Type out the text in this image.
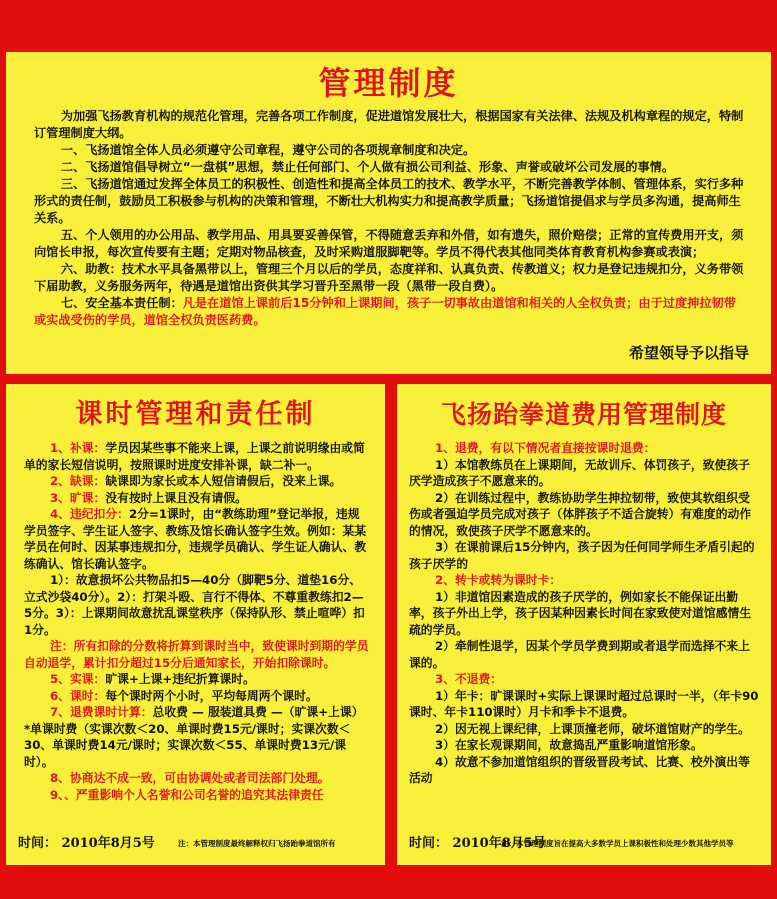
管理制度

为加强飞扬教育机构的规范化管理，完善各项工作制度，促进道馆发展壮大，根据国家有关法律、法规及机构章程的规定，特制订管理制度大纲。

一、飞扬道馆全体人员必须遵守公司章程，遵守公司的各项规章制度和决定。

二、飞扬道馆倡导树立“一盘棋”思想，禁止任何部门、个人做有损公司利益、形象、声誉或破坏公司发展的事情。

三、飞扬道馆通过发挥全体员工的积极性、创造性和提高全体员工的技术、教学水平，不断完善教学体制、管理体系，实行多种形式的责任制，鼓励员工积极参与机构的决策和管理，不断壮大机构实力和提高教学质量；飞扬道馆提倡求与学员多沟通，提高师生关系。

五、个人领用的办公用品、教学用品、用具要妥善保管，不得随意丢弃和外借，如有遗失，照价赔偿；正常的宣传费用开支，须向馆长申报，每次宣传要有主题；定期对物品核查，及时采购道服脚靶等。学员不得代表其他同类体育教育机构参赛或表演；

六、助教：技术水平具备黑带以上，管理三个月以后的学员，态度祥和、认真负责、传教道义；权力是登记违规扣分，义务带领下届助教，义务服务两年，待遇是道馆出资供其学习晋升至黑带一段（黑带一段自费）。

七、安全基本责任制：凡是在道馆上课前后15分钟和上课期间，孩子一切事故由道馆和相关的人全权负责；由于过度抻拉韧带或实战受伤的学员，道馆全权负责医药费。

希望领导予以指导
课时管理和责任制

1、补课：学员因某些事不能来上课，上课之前说明缘由或简单的家长短信说明，按照课时进度安排补课，缺二补一。

2、缺课：缺课即为家长或本人短信请假后，没来上课。

3、旷课：没有按时上课且没有请假。

4、违纪扣分：2分=1课时，由“教练助理”登记举报，违规学员签字、学生证人签字、教练及馆长确认签字生效。例如：某某学员在何时、因某事违规扣分，违规学员确认、学生证人确认、教练确认、馆长确认签字。

1）：故意损坏公共物品扣5—40分（脚靶5分、道垫16分、立式沙袋40分）。2）：打架斗殴、言行不得体、不尊重教练扣2—5分。3）：上课期间故意扰乱课堂秩序（保持队形、禁止喧哗）扣1分。

注：所有扣除的分数将折算到课时当中，致使课时到期的学员自动退学，累计扣分超过15分后通知家长，开始扣除课时。

5、实课：旷课+上课+违纪折算课时。

6、课时：每个课时两个小时，平均每周两个课时。

7、退费课时计算：总收费 — 服装道具费 —（旷课+上课）*单课时费（实课次数＜20、单课时费15元/课时；实课次数＜30、单课时费14元/课时；实课次数＜55、单课时费13元/课时）。

8、协商达不成一致，可由协调处或者司法部门处理。

9、、严重影响个人名誉和公司名誉的追究其法律责任

时间： 2010年8月5号	注：本管理制度最终解释权归飞扬跆拳道馆所有
飞扬跆拳道费用管理制度

1、退费，有以下情况者直接按课时退费：

1）本馆教练员在上课期间，无故训斥、体罚孩子，致使孩子厌学造成孩子不愿意来的。

2）在训练过程中，教练协助学生抻拉韧带，致使其软组织受伤或者强迫学员完成对孩子（体胖孩子不适合旋转）有难度的动作的情况，致使孩子厌学不愿意来的。

3）在课前课后15分钟内，孩子因为任何同学师生矛盾引起的孩子厌学的

2、转卡或转为课时卡：

1）非道馆因素造成的孩子厌学的，例如家长不能保证出勤率，孩子外出上学，孩子因某种因素长时间在家致使对道馆感情生疏的学员。

2）牵制性退学，因某个学员学费到期或者退学而选择不来上课的。

3、不退费：

1）年卡：旷课课时+实际上课课时超过总课时一半，（年卡90课时、年卡110课时）月卡和季卡不退费。

2）因无视上课纪律，上课顶撞老师，破坏道馆财产的学生。

3）在家长观课期间，故意捣乱严重影响道馆形象。

4）故意不参加道馆组织的晋级晋段考试、比赛、校外演出等活动

时间： 2010年8月5号
注：本管理制度旨在提高大多数学员上课积极性和处理少数其他学员等
